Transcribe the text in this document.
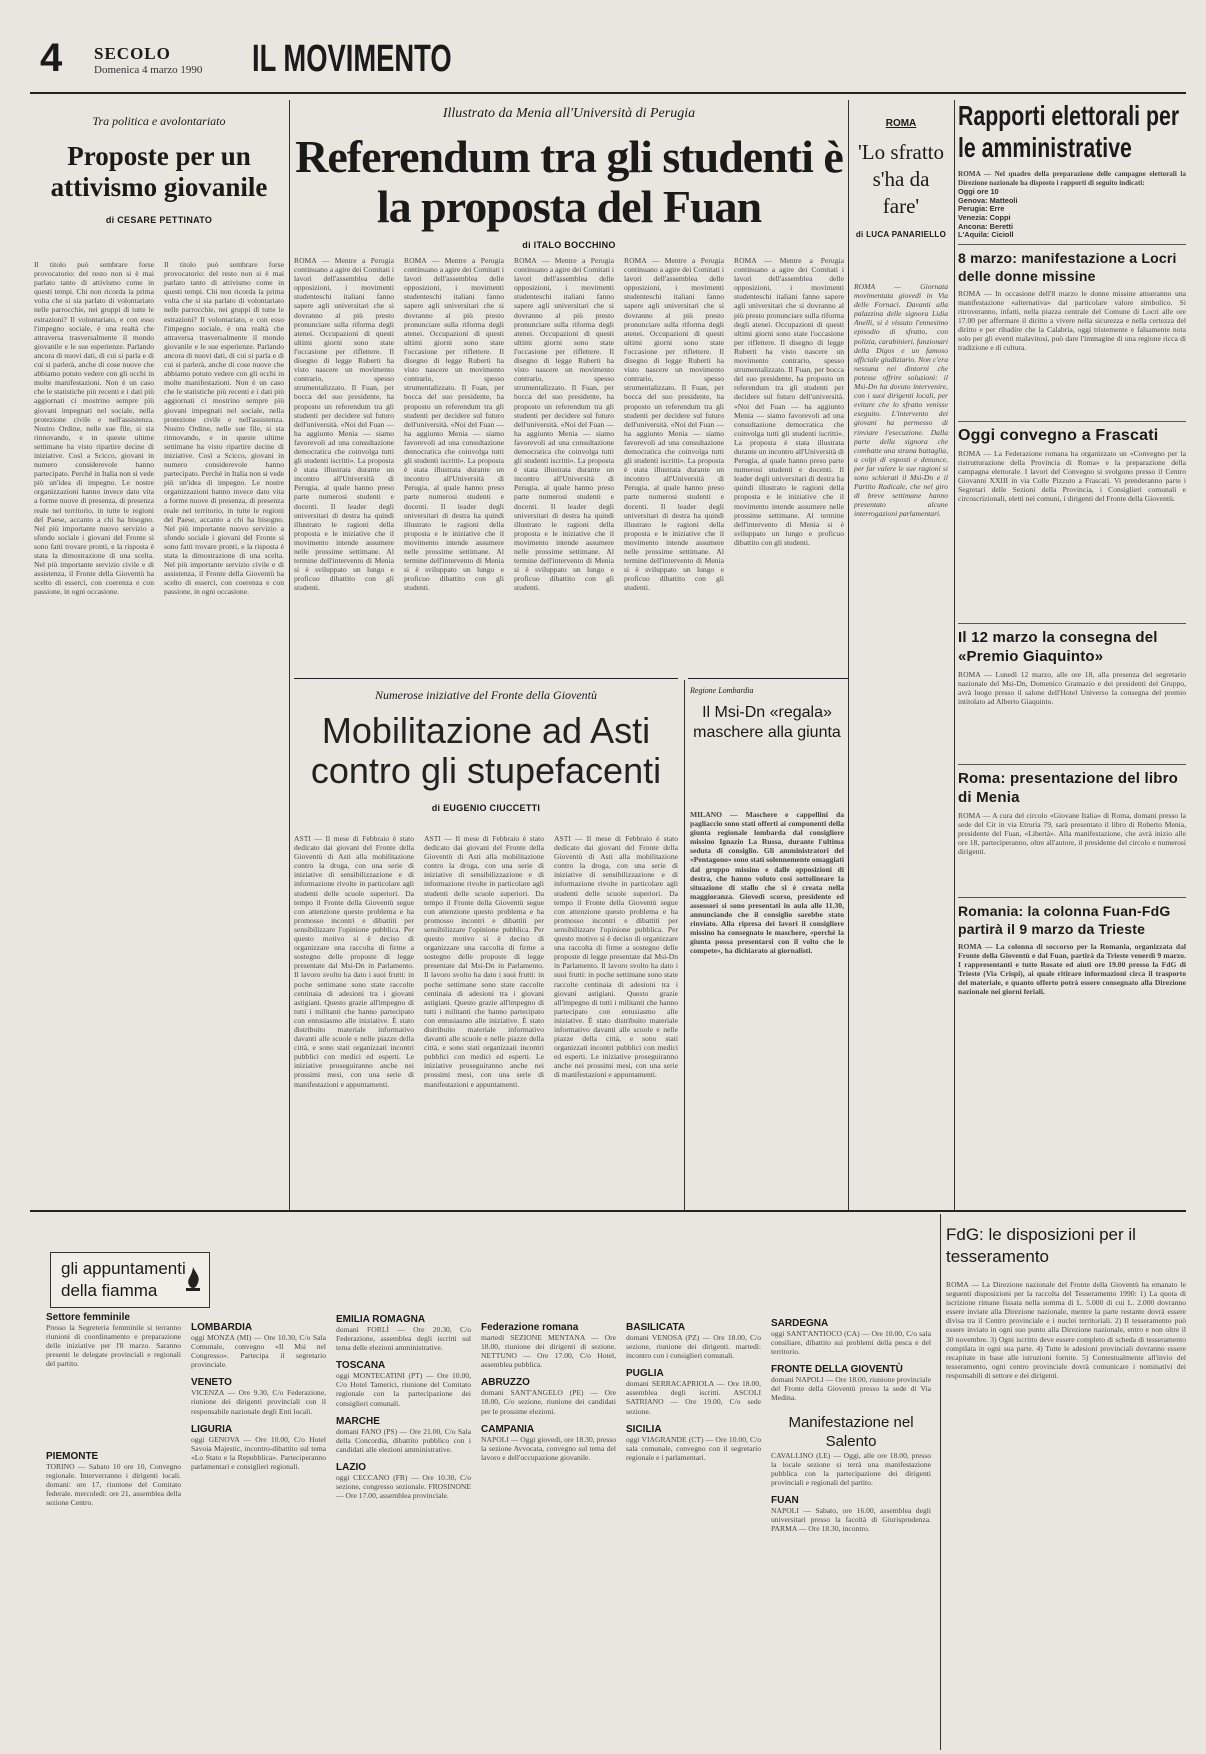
4 SECOLO
Domenica 4 marzo 1990 IL MOVIMENTO
Tra politica e avolontariato
Proposte per un attivismo giovanile
di CESARE PETTINATO
Il titolo può sembrare forse provocatorio: del resto non si è mai parlato tanto di attivismo come in questi tempi. Chi non ricorda la prima volta che si sia parlato di volontariato nelle parrocchie, nei gruppi di tutte le estrazioni? Il volontariato, e con esso l'impegno sociale, è una realtà che attraversa trasversalmente il mondo giovanile e le sue esperienze. Parlando ancora di nuovi dati, di cui si parla e di cui si parlerà, anche di cose nuove che abbiamo potuto vedere con gli occhi in molte manifestazioni. Non è un caso che le statistiche più recenti e i dati più aggiornati ci mostrino sempre più giovani impegnati nel sociale, nella protezione civile e nell'assistenza. Nostro Ordine, nelle sue file, si sta rinnovando, e in queste ultime settimane ha visto ripartire decine di iniziative. Così a Scicco, giovani in numero considerevole hanno partecipato. Perché in Italia non si vede più un'idea di impegno. Le nostre organizzazioni hanno invece dato vita a forme nuove di presenza, di presenza reale nel territorio, in tutte le regioni del Paese, accanto a chi ha bisogno. Nel più importante nuovo servizio a sfondo sociale i giovani del Fronte si sono fatti trovare pronti, e la risposta è stata la dimostrazione di una scelta. Nel più importante servizio civile e di assistenza, il Fronte della Gioventù ha scelto di esserci, con coerenza e con passione, in ogni occasione.
Il titolo può sembrare forse provocatorio: del resto non si è mai parlato tanto di attivismo come in questi tempi. Chi non ricorda la prima volta che si sia parlato di volontariato nelle parrocchie, nei gruppi di tutte le estrazioni? Il volontariato, e con esso l'impegno sociale, è una realtà che attraversa trasversalmente il mondo giovanile e le sue esperienze. Parlando ancora di nuovi dati, di cui si parla e di cui si parlerà, anche di cose nuove che abbiamo potuto vedere con gli occhi in molte manifestazioni. Non è un caso che le statistiche più recenti e i dati più aggiornati ci mostrino sempre più giovani impegnati nel sociale, nella protezione civile e nell'assistenza. Nostro Ordine, nelle sue file, si sta rinnovando, e in queste ultime settimane ha visto ripartire decine di iniziative. Così a Scicco, giovani in numero considerevole hanno partecipato. Perché in Italia non si vede più un'idea di impegno. Le nostre organizzazioni hanno invece dato vita a forme nuove di presenza, di presenza reale nel territorio, in tutte le regioni del Paese, accanto a chi ha bisogno. Nel più importante nuovo servizio a sfondo sociale i giovani del Fronte si sono fatti trovare pronti, e la risposta è stata la dimostrazione di una scelta. Nel più importante servizio civile e di assistenza, il Fronte della Gioventù ha scelto di esserci, con coerenza e con passione, in ogni occasione.
Illustrato da Menia all'Università di Perugia
Referendum tra gli studenti è la proposta del Fuan
di ITALO BOCCHINO
ROMA — Mentre a Perugia continuano a agire dei Comitati i lavori dell'assemblea delle opposizioni, i movimenti studenteschi italiani fanno sapere agli universitari che si dovranno al più presto pronunciare sulla riforma degli atenei. Occupazioni di questi ultimi giorni sono state l'occasione per riflettere. Il disegno di legge Ruberti ha visto nascere un movimento contrario, spesso strumentalizzato. Il Fuan, per bocca del suo presidente, ha proposto un referendum tra gli studenti per decidere sul futuro dell'università. «Noi del Fuan — ha aggiunto Menia — siamo favorevoli ad una consultazione democratica che coinvolga tutti gli studenti iscritti». La proposta è stata illustrata durante un incontro all'Università di Perugia, al quale hanno preso parte numerosi studenti e docenti. Il leader degli universitari di destra ha quindi illustrato le ragioni della proposta e le iniziative che il movimento intende assumere nelle prossime settimane. Al termine dell'intervento di Menia si è sviluppato un lungo e proficuo dibattito con gli studenti.
ROMA — Mentre a Perugia continuano a agire dei Comitati i lavori dell'assemblea delle opposizioni, i movimenti studenteschi italiani fanno sapere agli universitari che si dovranno al più presto pronunciare sulla riforma degli atenei. Occupazioni di questi ultimi giorni sono state l'occasione per riflettere. Il disegno di legge Ruberti ha visto nascere un movimento contrario, spesso strumentalizzato. Il Fuan, per bocca del suo presidente, ha proposto un referendum tra gli studenti per decidere sul futuro dell'università. «Noi del Fuan — ha aggiunto Menia — siamo favorevoli ad una consultazione democratica che coinvolga tutti gli studenti iscritti». La proposta è stata illustrata durante un incontro all'Università di Perugia, al quale hanno preso parte numerosi studenti e docenti. Il leader degli universitari di destra ha quindi illustrato le ragioni della proposta e le iniziative che il movimento intende assumere nelle prossime settimane. Al termine dell'intervento di Menia si è sviluppato un lungo e proficuo dibattito con gli studenti.
ROMA — Mentre a Perugia continuano a agire dei Comitati i lavori dell'assemblea delle opposizioni, i movimenti studenteschi italiani fanno sapere agli universitari che si dovranno al più presto pronunciare sulla riforma degli atenei. Occupazioni di questi ultimi giorni sono state l'occasione per riflettere. Il disegno di legge Ruberti ha visto nascere un movimento contrario, spesso strumentalizzato. Il Fuan, per bocca del suo presidente, ha proposto un referendum tra gli studenti per decidere sul futuro dell'università. «Noi del Fuan — ha aggiunto Menia — siamo favorevoli ad una consultazione democratica che coinvolga tutti gli studenti iscritti». La proposta è stata illustrata durante un incontro all'Università di Perugia, al quale hanno preso parte numerosi studenti e docenti. Il leader degli universitari di destra ha quindi illustrato le ragioni della proposta e le iniziative che il movimento intende assumere nelle prossime settimane. Al termine dell'intervento di Menia si è sviluppato un lungo e proficuo dibattito con gli studenti.
ROMA — Mentre a Perugia continuano a agire dei Comitati i lavori dell'assemblea delle opposizioni, i movimenti studenteschi italiani fanno sapere agli universitari che si dovranno al più presto pronunciare sulla riforma degli atenei. Occupazioni di questi ultimi giorni sono state l'occasione per riflettere. Il disegno di legge Ruberti ha visto nascere un movimento contrario, spesso strumentalizzato. Il Fuan, per bocca del suo presidente, ha proposto un referendum tra gli studenti per decidere sul futuro dell'università. «Noi del Fuan — ha aggiunto Menia — siamo favorevoli ad una consultazione democratica che coinvolga tutti gli studenti iscritti». La proposta è stata illustrata durante un incontro all'Università di Perugia, al quale hanno preso parte numerosi studenti e docenti. Il leader degli universitari di destra ha quindi illustrato le ragioni della proposta e le iniziative che il movimento intende assumere nelle prossime settimane. Al termine dell'intervento di Menia si è sviluppato un lungo e proficuo dibattito con gli studenti.
ROMA — Mentre a Perugia continuano a agire dei Comitati i lavori dell'assemblea delle opposizioni, i movimenti studenteschi italiani fanno sapere agli universitari che si dovranno al più presto pronunciare sulla riforma degli atenei. Occupazioni di questi ultimi giorni sono state l'occasione per riflettere. Il disegno di legge Ruberti ha visto nascere un movimento contrario, spesso strumentalizzato. Il Fuan, per bocca del suo presidente, ha proposto un referendum tra gli studenti per decidere sul futuro dell'università. «Noi del Fuan — ha aggiunto Menia — siamo favorevoli ad una consultazione democratica che coinvolga tutti gli studenti iscritti». La proposta è stata illustrata durante un incontro all'Università di Perugia, al quale hanno preso parte numerosi studenti e docenti. Il leader degli universitari di destra ha quindi illustrato le ragioni della proposta e le iniziative che il movimento intende assumere nelle prossime settimane. Al termine dell'intervento di Menia si è sviluppato un lungo e proficuo dibattito con gli studenti.
ROMA
'Lo sfratto s'ha da fare'
di LUCA PANARIELLO
ROMA — Giornata movimentata giovedì in Via delle Fornaci. Davanti alla palazzina delle signora Lidia Anelli, si è vissuto l'ennesimo episodio di sfratto, con polizia, carabinieri, funzionari della Digos e un famoso ufficiale giudiziario. Non c'era nessuna nei dintorni che potesse offrire soluzioni: il Msi-Dn ha dovuto intervenire, con i suoi dirigenti locali, per evitare che lo sfratto venisse eseguito. L'intervento dei giovani ha permesso di rinviare l'esecuzione. Dalla parte della signora che combatte una strana battaglia, a colpi di esposti e denunce, per far valere le sue ragioni si sono schierati il Msi-Dn e il Partito Radicale, che nel giro di breve settimane hanno presentato alcune interrogazioni parlamentari.
Numerose iniziative del Fronte della Gioventù
Mobilitazione ad Asti contro gli stupefacenti
di EUGENIO CIUCCETTI
ASTI — Il mese di Febbraio è stato dedicato dai giovani del Fronte della Gioventù di Asti alla mobilitazione contro la droga, con una serie di iniziative di sensibilizzazione e di informazione rivolte in particolare agli studenti delle scuole superiori. Da tempo il Fronte della Gioventù segue con attenzione questo problema e ha promosso incontri e dibattiti per sensibilizzare l'opinione pubblica. Per questo motivo si è deciso di organizzare una raccolta di firme a sostegno delle proposte di legge presentate dal Msi-Dn in Parlamento. Il lavoro svolto ha dato i suoi frutti: in poche settimane sono state raccolte centinaia di adesioni tra i giovani astigiani. Questo grazie all'impegno di tutti i militanti che hanno partecipato con entusiasmo alle iniziative. È stato distribuito materiale informativo davanti alle scuole e nelle piazze della città, e sono stati organizzati incontri pubblici con medici ed esperti. Le iniziative proseguiranno anche nei prossimi mesi, con una serie di manifestazioni e appuntamenti.
ASTI — Il mese di Febbraio è stato dedicato dai giovani del Fronte della Gioventù di Asti alla mobilitazione contro la droga, con una serie di iniziative di sensibilizzazione e di informazione rivolte in particolare agli studenti delle scuole superiori. Da tempo il Fronte della Gioventù segue con attenzione questo problema e ha promosso incontri e dibattiti per sensibilizzare l'opinione pubblica. Per questo motivo si è deciso di organizzare una raccolta di firme a sostegno delle proposte di legge presentate dal Msi-Dn in Parlamento. Il lavoro svolto ha dato i suoi frutti: in poche settimane sono state raccolte centinaia di adesioni tra i giovani astigiani. Questo grazie all'impegno di tutti i militanti che hanno partecipato con entusiasmo alle iniziative. È stato distribuito materiale informativo davanti alle scuole e nelle piazze della città, e sono stati organizzati incontri pubblici con medici ed esperti. Le iniziative proseguiranno anche nei prossimi mesi, con una serie di manifestazioni e appuntamenti.
ASTI — Il mese di Febbraio è stato dedicato dai giovani del Fronte della Gioventù di Asti alla mobilitazione contro la droga, con una serie di iniziative di sensibilizzazione e di informazione rivolte in particolare agli studenti delle scuole superiori. Da tempo il Fronte della Gioventù segue con attenzione questo problema e ha promosso incontri e dibattiti per sensibilizzare l'opinione pubblica. Per questo motivo si è deciso di organizzare una raccolta di firme a sostegno delle proposte di legge presentate dal Msi-Dn in Parlamento. Il lavoro svolto ha dato i suoi frutti: in poche settimane sono state raccolte centinaia di adesioni tra i giovani astigiani. Questo grazie all'impegno di tutti i militanti che hanno partecipato con entusiasmo alle iniziative. È stato distribuito materiale informativo davanti alle scuole e nelle piazze della città, e sono stati organizzati incontri pubblici con medici ed esperti. Le iniziative proseguiranno anche nei prossimi mesi, con una serie di manifestazioni e appuntamenti.
Regione Lombardia
Il Msi-Dn «regala» maschere alla giunta
MILANO — Maschere e cappellini da pagliaccio sono stati offerti ai componenti della giunta regionale lombarda dal consigliere missino Ignazio La Russa, durante l'ultima seduta di consiglio. Gli amministratori del «Pentagono» sono stati solennemente omaggiati dal gruppo missino e dalle opposizioni di destra, che hanno voluto così sottolineare la situazione di stallo che si è creata nella maggioranza. Giovedì scorso, presidente ed assessori si sono presentati in aula alle 11.30, annunciando che il consiglio sarebbe stato rinviato. Alla ripresa dei lavori il consigliere missino ha consegnato le maschere, «perché la giunta possa presentarsi con il volto che le compete», ha dichiarato ai giornalisti.
Rapporti elettorali per le amministrative
ROMA — Nel quadro della preparazione delle campagne elettorali la Direzione nazionale ha disposto i rapporti di seguito indicati:
Oggi ore 10
Genova: Matteoli
Perugia: Erre
Venezia: Coppi
Ancona: Beretti
L'Aquila: Cicioll
8 marzo: manifestazione a Locri delle donne missine
ROMA — In occasione dell'8 marzo le donne missine attueranno una manifestazione «alternativa» dal particolare valore simbolico. Si ritroveranno, infatti, nella piazza centrale del Comune di Locri alle ore 17.00 per affermare il diritto a vivere nella sicurezza e nella certezza del diritto e per ribadire che la Calabria, oggi tristemente e falsamente nota solo per gli eventi malavitosi, può dare l'immagine di una regione ricca di tradizione e di cultura.
Oggi convegno a Frascati
ROMA — La Federazione romana ha organizzato un «Convegno per la ristrutturazione della Provincia di Roma» e la preparazione della campagna elettorale. I lavori del Convegno si svolgono presso il Centro Giovanni XXIII in via Colle Pizzuto a Frascati. Vi prenderanno parte i Segretari delle Sezioni della Provincia, i Consiglieri comunali e circoscrizionali, eletti nei comuni, i dirigenti del Fronte della Gioventù.
Il 12 marzo la consegna del «Premio Giaquinto»
ROMA — Lunedì 12 marzo, alle ore 18, alla presenza del segretario nazionale del Msi-Dn, Domenico Gramazio e dei presidenti del Gruppo, avrà luogo presso il salone dell'Hotel Universo la consegna del premio intitolato ad Alberto Giaquinto.
Roma: presentazione del libro di Menia
ROMA — A cura del circolo «Giovane Italia» di Roma, domani presso la sede del Cir in via Etruria 79, sarà presentato il libro di Roberto Menia, presidente del Fuan, «Libertà». Alla manifestazione, che avrà inizio alle ore 18, parteciperanno, oltre all'autore, il presidente del circolo e numerosi dirigenti.
Romania: la colonna Fuan-FdG partirà il 9 marzo da Trieste
ROMA — La colonna di soccorso per la Romania, organizzata dal Fronte della Gioventù e dal Fuan, partirà da Trieste venerdì 9 marzo. I rappresentanti e tutte Rosate ed aiuti ore 19.00 presso la FdG di Trieste (Via Crispi), ai quale ritirare informazioni circa il trasporto del materiale, e quanto offerto potrà essere consegnato alla Direzione nazionale nei giorni feriali.
gli appuntamenti
della fiamma
Settore femminile
Presso la Segreteria femminile si terranno riunioni di coordinamento e preparazione delle iniziative per l'8 marzo. Saranno presenti le delegate provinciali e regionali del partito.
PIEMONTE
TORINO — Sabato 10 ore 10, Convegno regionale. Interverranno i dirigenti locali. domani: ore 17, riunione del Comitato federale. mercoledì: ore 21, assemblea della sezione Centro.
LOMBARDIA
oggi MONZA (MI) — Ore 10.30, C/o Sala Comunale, convegno «Il Msi nel Congresso». Partecipa il segretario provinciale.
VENETO
VICENZA — Ore 9.30, C/o Federazione, riunione dei dirigenti provinciali con il responsabile nazionale degli Enti locali.
LIGURIA
oggi GENOVA — Ore 10.00, C/o Hotel Savoia Majestic, incontro-dibattito sul tema «Lo Stato e la Repubblica». Parteciperanno parlamentari e consiglieri regionali.
EMILIA ROMAGNA
domani FORLÌ — Ore 20.30, C/o Federazione, assemblea degli iscritti sul tema delle elezioni amministrative.
TOSCANA
oggi MONTECATINI (PT) — Ore 10.00, C/o Hotel Tamerici, riunione del Comitato regionale con la partecipazione dei consiglieri comunali.
MARCHE
domani FANO (PS) — Ore 21.00, C/o Sala della Concordia, dibattito pubblico con i candidati alle elezioni amministrative.
LAZIO
oggi CECCANO (FR) — Ore 10.30, C/o sezione, congresso sezionale. FROSINONE — Ore 17.00, assemblea provinciale.
Federazione romana
martedì SEZIONE MENTANA — Ore 18.00, riunione dei dirigenti di sezione. NETTUNO — Ore 17.00, C/o Hotel, assemblea pubblica.
ABRUZZO
domani SANT'ANGELO (PE) — Ore 18.00, C/o sezione, riunione dei candidati per le prossime elezioni.
CAMPANIA
NAPOLI — Oggi giovedì, ore 18.30, presso la sezione Avvocata, convegno sul tema del lavoro e dell'occupazione giovanile.
BASILICATA
domani VENOSA (PZ) — Ore 18.00, C/o sezione, riunione dei dirigenti. martedì: incontro con i consiglieri comunali.
PUGLIA
domani SERRACAPRIOLA — Ore 18.00, assemblea degli iscritti. ASCOLI SATRIANO — Ore 19.00, C/o sede sezione.
SICILIA
oggi VIAGRANDE (CT) — Ore 10.00, C/o sala comunale, convegno con il segretario regionale e i parlamentari.
SARDEGNA
oggi SANT'ANTIOCO (CA) — Ore 10.00, C/o sala consiliare, dibattito sui problemi della pesca e del territorio.
FRONTE DELLA GIOVENTÙ
domani NAPOLI — Ore 18.00, riunione provinciale del Fronte della Gioventù presso la sede di Via Medina.
Manifestazione nel Salento
CAVALLINO (LE) — Oggi, alle ore 18.00, presso la locale sezione si terrà una manifestazione pubblica con la partecipazione dei dirigenti provinciali e regionali del partito.
FUAN
NAPOLI — Sabato, ore 16.00, assemblea degli universitari presso la facoltà di Giurisprudenza. PARMA — Ore 18.30, incontro.
FdG: le disposizioni per il tesseramento
ROMA — La Direzione nazionale del Fronte della Gioventù ha emanato le seguenti disposizioni per la raccolta del Tesseramento 1990: 1) La quota di iscrizione rimane fissata nella somma di L. 5.000 di cui L. 2.000 dovranno essere inviate alla Direzione nazionale, mentre la parte restante dovrà essere divisa tra il Centro provinciale e i nuclei territoriali. 2) Il tesseramento può essere inviato in ogni suo punto alla Direzione nazionale, entro e non oltre il 30 novembre. 3) Ogni iscritto deve essere completo di scheda di tesseramento compilata in ogni sua parte. 4) Tutte le adesioni provinciali dovranno essere recapitate in base alle istruzioni fornite. 5) Contestualmente all'invio del tesseramento, ogni centro provinciale dovrà comunicare i nominativi dei responsabili di settore e dei dirigenti.
